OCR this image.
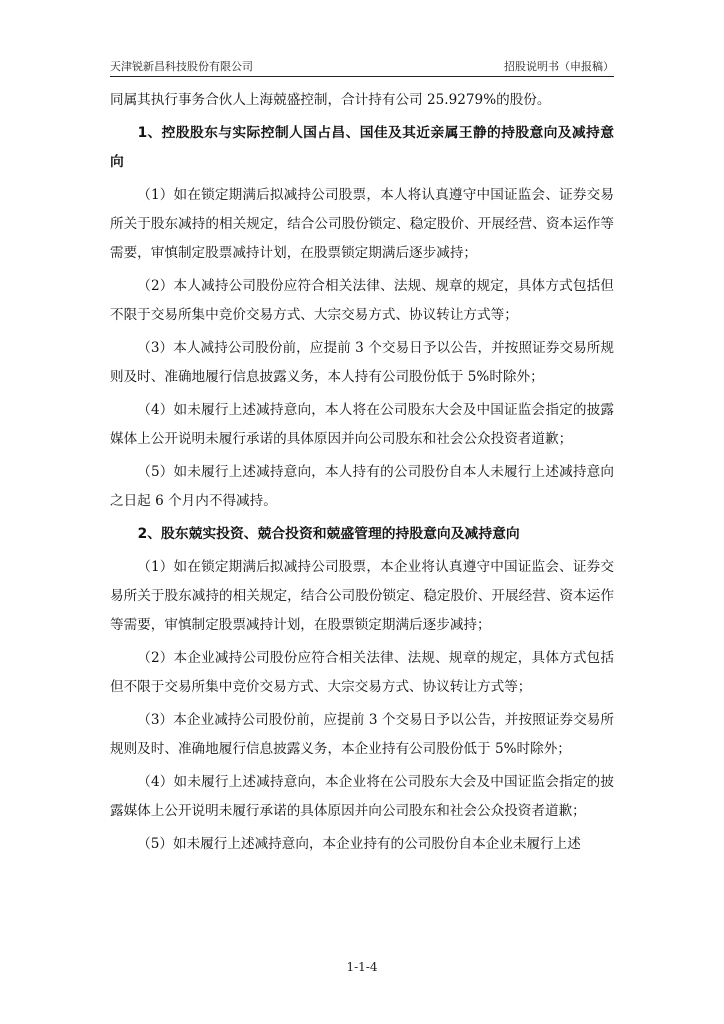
天津锐新昌科技股份有限公司	招股说明书（申报稿）

同属其执行事务合伙人上海兢盛控制，合计持有公司 25.9279%的股份。

1、控股股东与实际控制人国占昌、国佳及其近亲属王静的持股意向及减持意向

（1）如在锁定期满后拟减持公司股票，本人将认真遵守中国证监会、证券交易所关于股东减持的相关规定，结合公司股份锁定、稳定股价、开展经营、资本运作等需要，审慎制定股票减持计划，在股票锁定期满后逐步减持；

（2）本人减持公司股份应符合相关法律、法规、规章的规定，具体方式包括但不限于交易所集中竞价交易方式、大宗交易方式、协议转让方式等；

（3）本人减持公司股份前，应提前 3 个交易日予以公告，并按照证券交易所规则及时、准确地履行信息披露义务，本人持有公司股份低于 5%时除外；

（4）如未履行上述减持意向，本人将在公司股东大会及中国证监会指定的披露媒体上公开说明未履行承诺的具体原因并向公司股东和社会公众投资者道歉；

（5）如未履行上述减持意向，本人持有的公司股份自本人未履行上述减持意向之日起 6 个月内不得减持。

2、股东兢实投资、兢合投资和兢盛管理的持股意向及减持意向

（1）如在锁定期满后拟减持公司股票，本企业将认真遵守中国证监会、证券交易所关于股东减持的相关规定，结合公司股份锁定、稳定股价、开展经营、资本运作等需要，审慎制定股票减持计划，在股票锁定期满后逐步减持；

（2）本企业减持公司股份应符合相关法律、法规、规章的规定，具体方式包括但不限于交易所集中竞价交易方式、大宗交易方式、协议转让方式等；

（3）本企业减持公司股份前，应提前 3 个交易日予以公告，并按照证券交易所规则及时、准确地履行信息披露义务，本企业持有公司股份低于 5%时除外；

（4）如未履行上述减持意向，本企业将在公司股东大会及中国证监会指定的披露媒体上公开说明未履行承诺的具体原因并向公司股东和社会公众投资者道歉；

（5）如未履行上述减持意向，本企业持有的公司股份自本企业未履行上述

1-1-4
